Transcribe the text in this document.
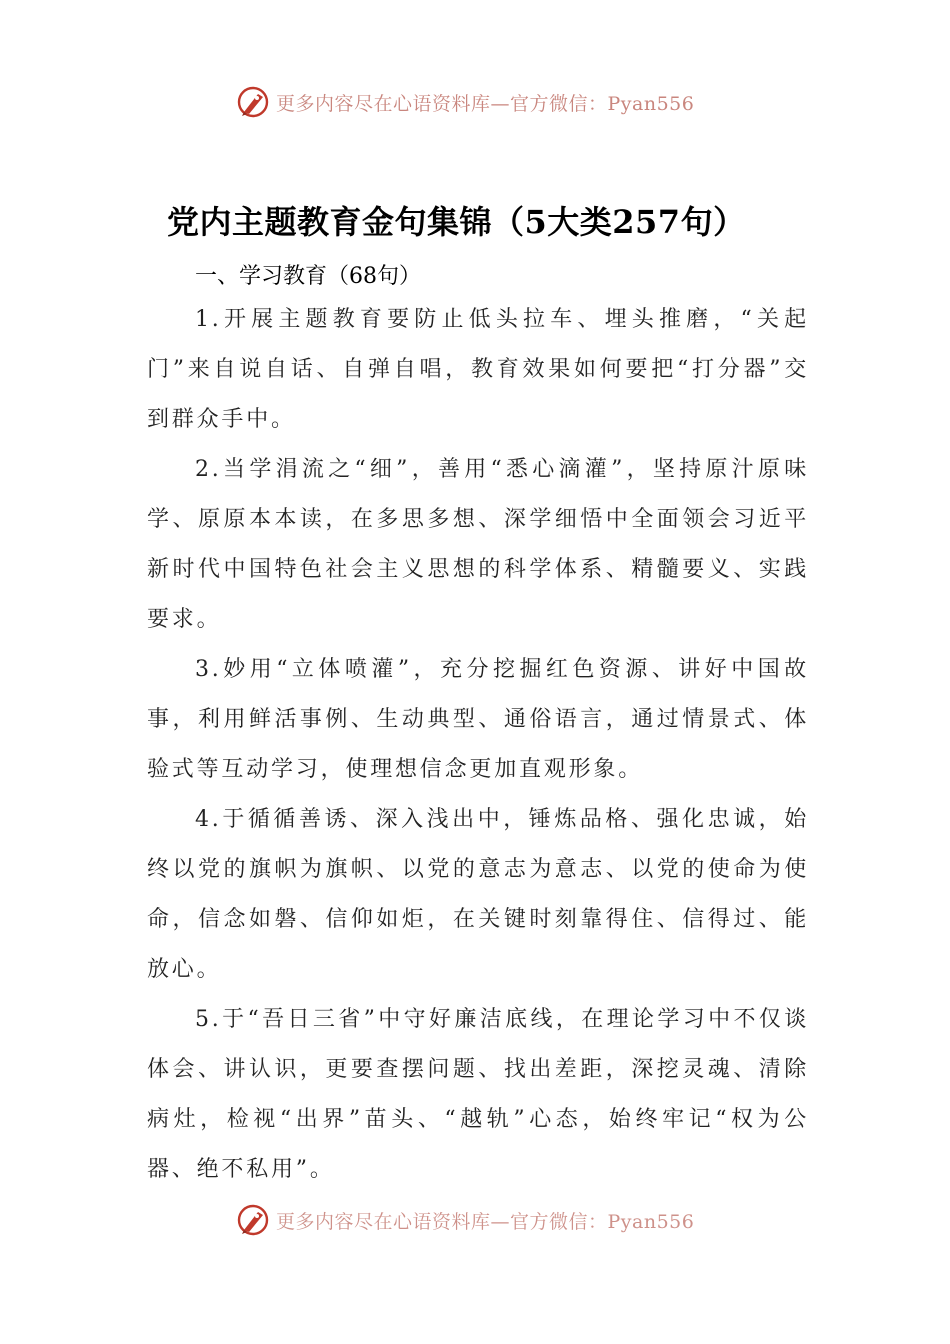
更多内容尽在心语资料库—官方微信：Pyan556
党内主题教育金句集锦（5大类257句）
一、学习教育（68句）

1.开展主题教育要防止低头拉车、埋头推磨，“关起门”来自说自话、自弹自唱，教育效果如何要把“打分器”交到群众手中。

2.当学涓流之“细”，善用“悉心滴灌”，坚持原汁原味学、原原本本读，在多思多想、深学细悟中全面领会习近平新时代中国特色社会主义思想的科学体系、精髓要义、实践要求。

3.妙用“立体喷灌”，充分挖掘红色资源、讲好中国故事，利用鲜活事例、生动典型、通俗语言，通过情景式、体验式等互动学习，使理想信念更加直观形象。

4.于循循善诱、深入浅出中，锤炼品格、强化忠诚，始终以党的旗帜为旗帜、以党的意志为意志、以党的使命为使命，信念如磐、信仰如炬，在关键时刻靠得住、信得过、能放心。

5.于“吾日三省”中守好廉洁底线，在理论学习中不仅谈体会、讲认识，更要查摆问题、找出差距，深挖灵魂、清除病灶，检视“出界”苗头、“越轨”心态，始终牢记“权为公器、绝不私用”。

更多内容尽在心语资料库—官方微信：Pyan556
